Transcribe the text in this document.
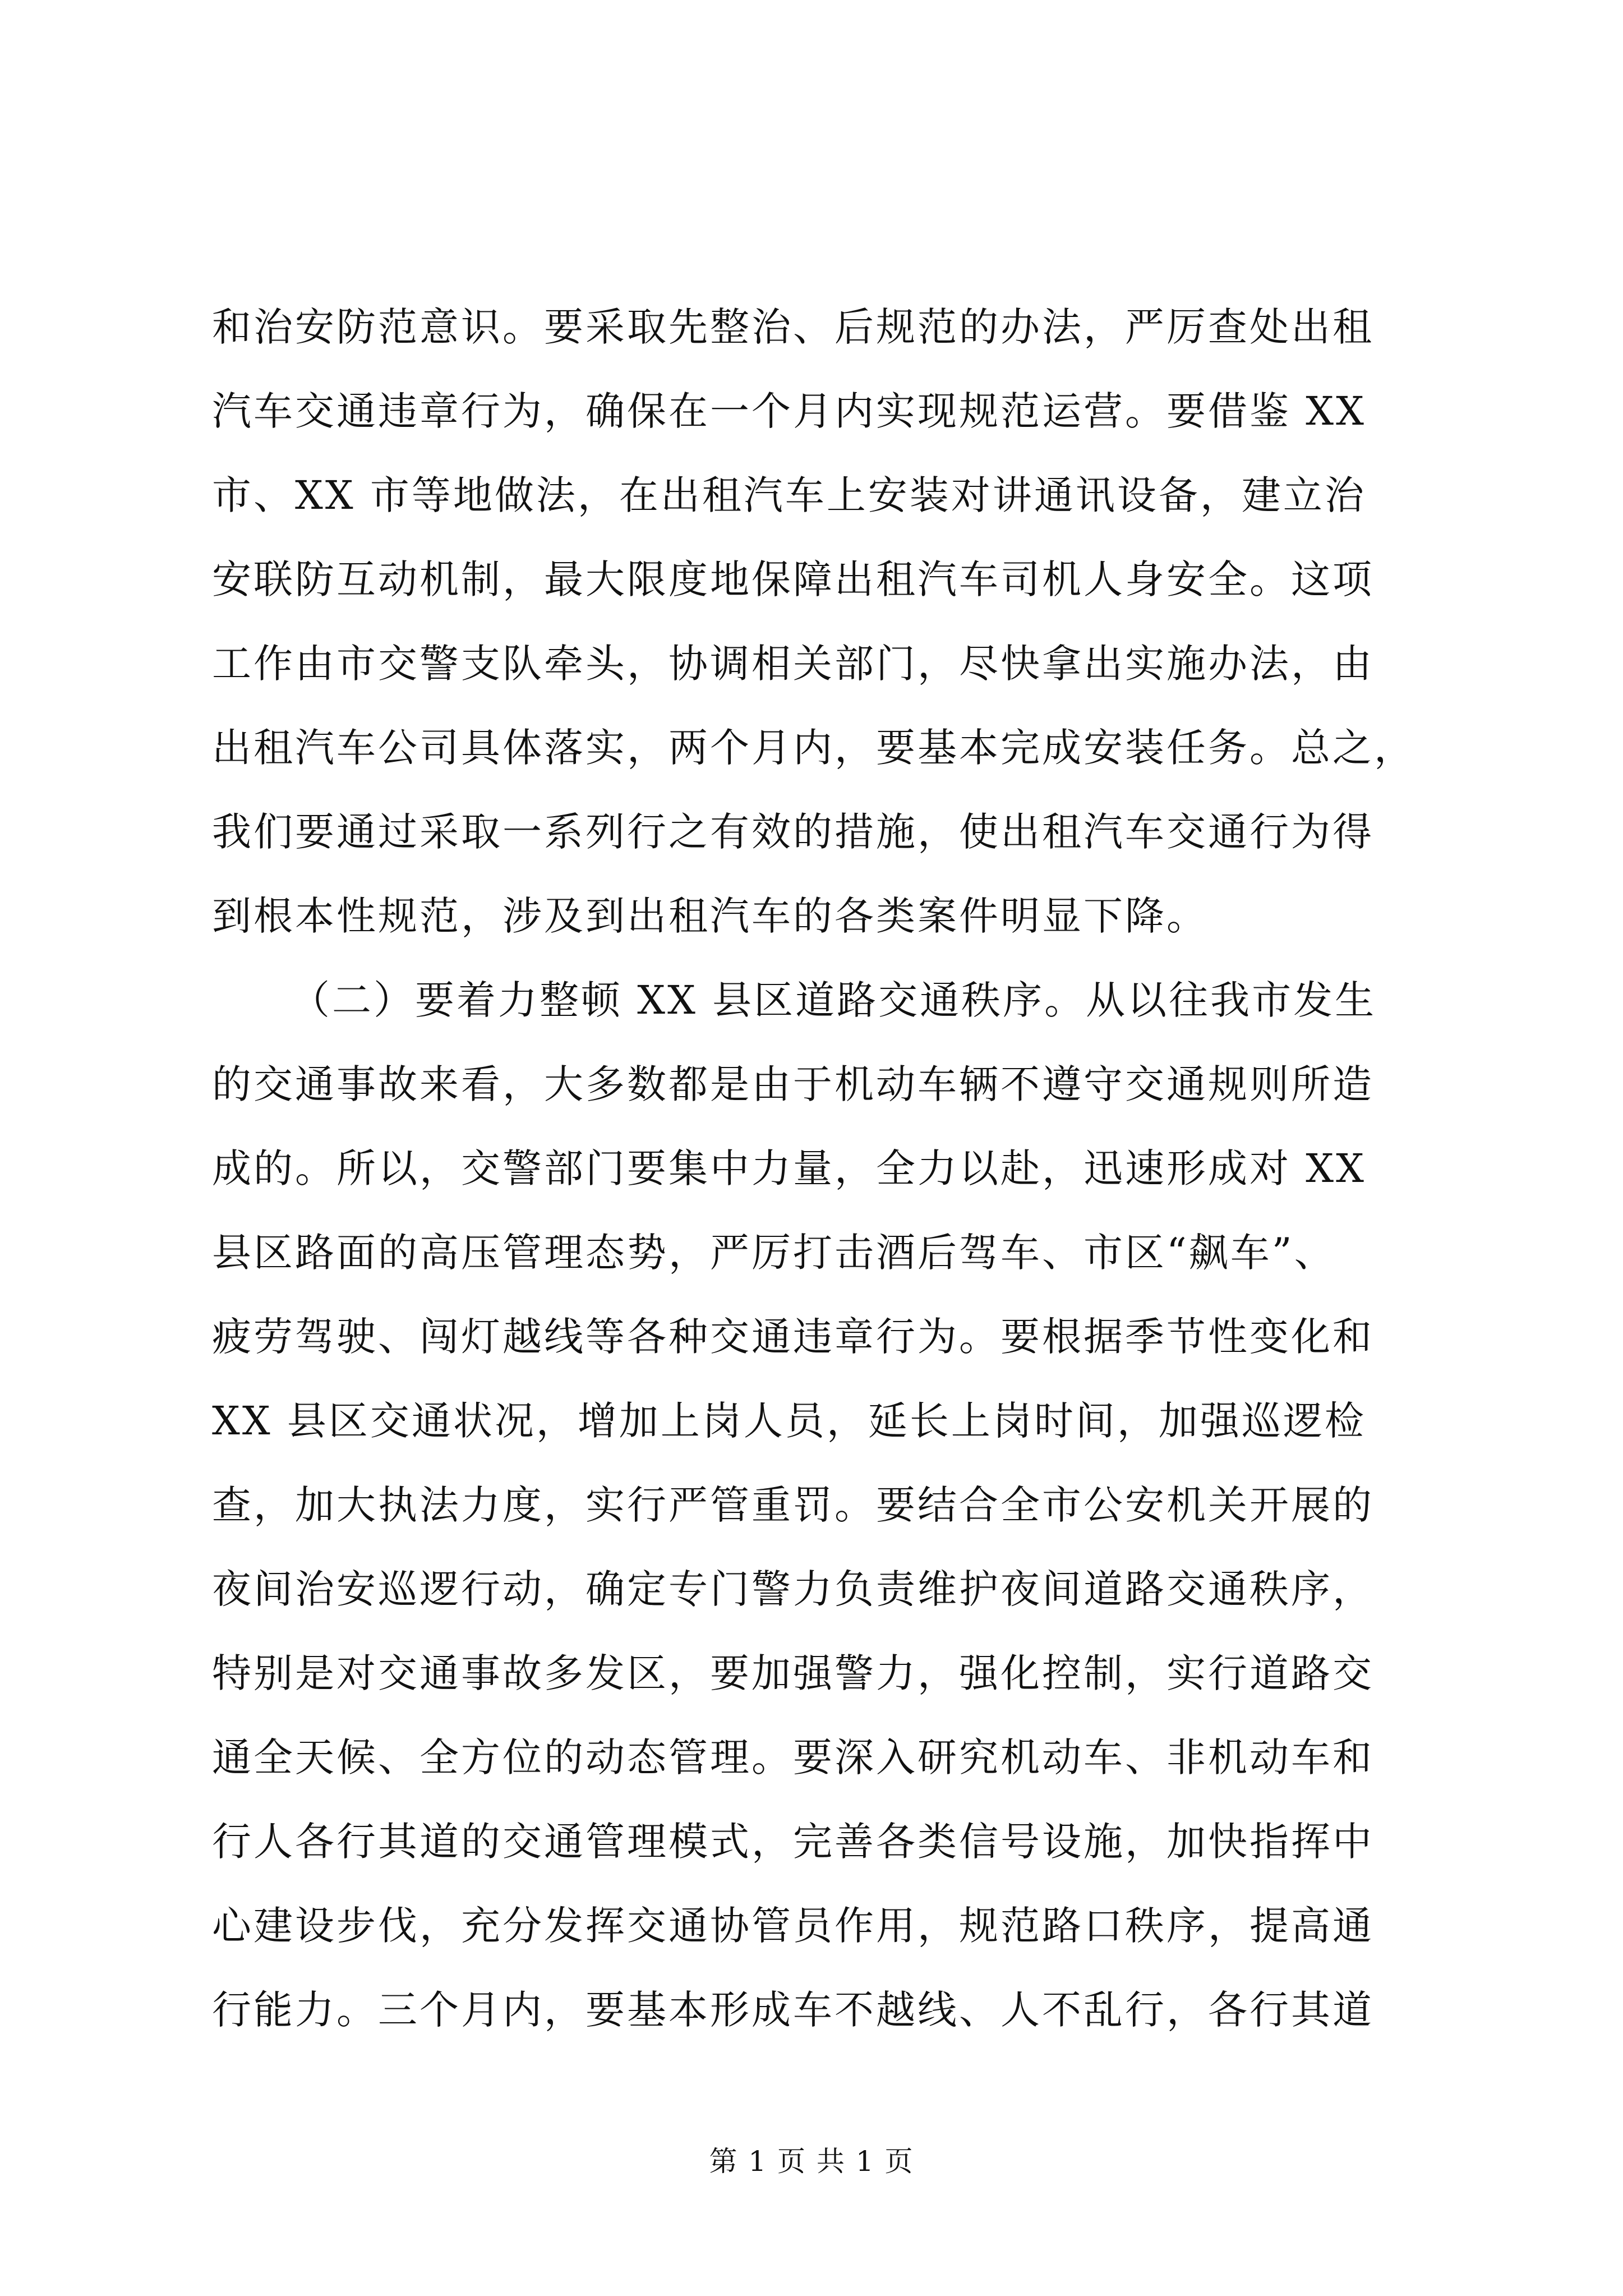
和治安防范意识。要采取先整治、后规范的办法，严厉查处出租
汽车交通违章行为，确保在一个月内实现规范运营。要借鉴 XX
市、XX 市等地做法，在出租汽车上安装对讲通讯设备，建立治
安联防互动机制，最大限度地保障出租汽车司机人身安全。这项
工作由市交警支队牵头，协调相关部门，尽快拿出实施办法，由
出租汽车公司具体落实，两个月内，要基本完成安装任务。总之，
我们要通过采取一系列行之有效的措施，使出租汽车交通行为得
到根本性规范，涉及到出租汽车的各类案件明显下降。
（二）要着力整顿 XX 县区道路交通秩序。从以往我市发生
的交通事故来看，大多数都是由于机动车辆不遵守交通规则所造
成的。所以，交警部门要集中力量，全力以赴，迅速形成对 XX
县区路面的高压管理态势，严厉打击酒后驾车、市区“飙车”、
疲劳驾驶、闯灯越线等各种交通违章行为。要根据季节性变化和
XX 县区交通状况，增加上岗人员，延长上岗时间，加强巡逻检
查，加大执法力度，实行严管重罚。要结合全市公安机关开展的
夜间治安巡逻行动，确定专门警力负责维护夜间道路交通秩序，
特别是对交通事故多发区，要加强警力，强化控制，实行道路交
通全天候、全方位的动态管理。要深入研究机动车、非机动车和
行人各行其道的交通管理模式，完善各类信号设施，加快指挥中
心建设步伐，充分发挥交通协管员作用，规范路口秩序，提高通
行能力。三个月内，要基本形成车不越线、人不乱行，各行其道
第 1 页 共 1 页
